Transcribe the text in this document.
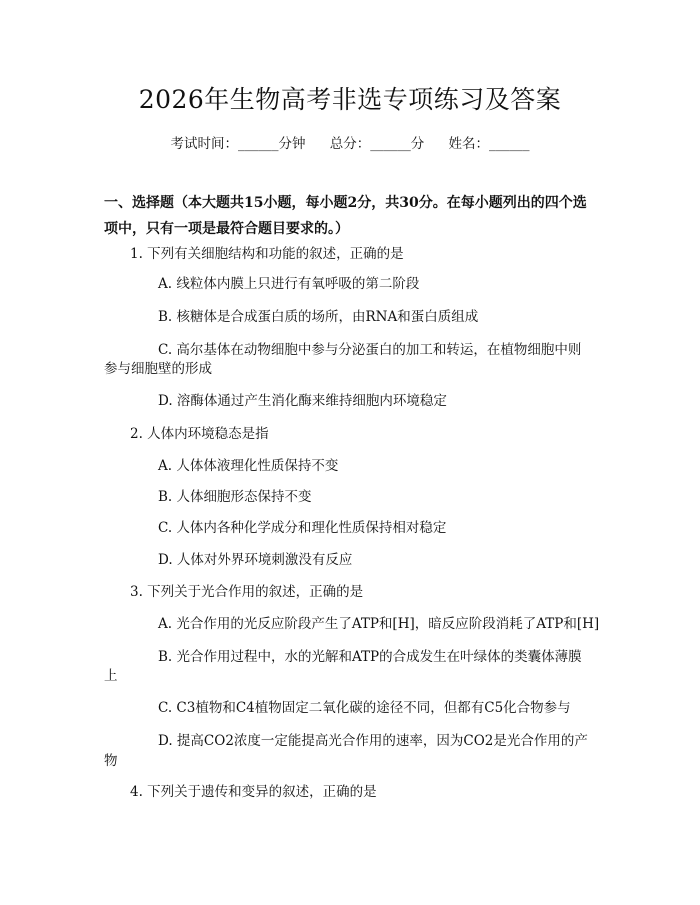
2026年生物高考非选专项练习及答案
考试时间：______分钟 总分：______分 姓名：______
一、选择题（本大题共15小题，每小题2分，共30分。在每小题列出的四个选
项中，只有一项是最符合题目要求的。）
1. 下列有关细胞结构和功能的叙述，正确的是
A. 线粒体内膜上只进行有氧呼吸的第二阶段
B. 核糖体是合成蛋白质的场所，由RNA和蛋白质组成
C. 高尔基体在动物细胞中参与分泌蛋白的加工和转运，在植物细胞中则
参与细胞壁的形成
D. 溶酶体通过产生消化酶来维持细胞内环境稳定
2. 人体内环境稳态是指
A. 人体体液理化性质保持不变
B. 人体细胞形态保持不变
C. 人体内各种化学成分和理化性质保持相对稳定
D. 人体对外界环境刺激没有反应
3. 下列关于光合作用的叙述，正确的是
A. 光合作用的光反应阶段产生了ATP和[H]，暗反应阶段消耗了ATP和[H]
B. 光合作用过程中，水的光解和ATP的合成发生在叶绿体的类囊体薄膜
上
C. C3植物和C4植物固定二氧化碳的途径不同，但都有C5化合物参与
D. 提高CO2浓度一定能提高光合作用的速率，因为CO2是光合作用的产
物
4. 下列关于遗传和变异的叙述，正确的是
